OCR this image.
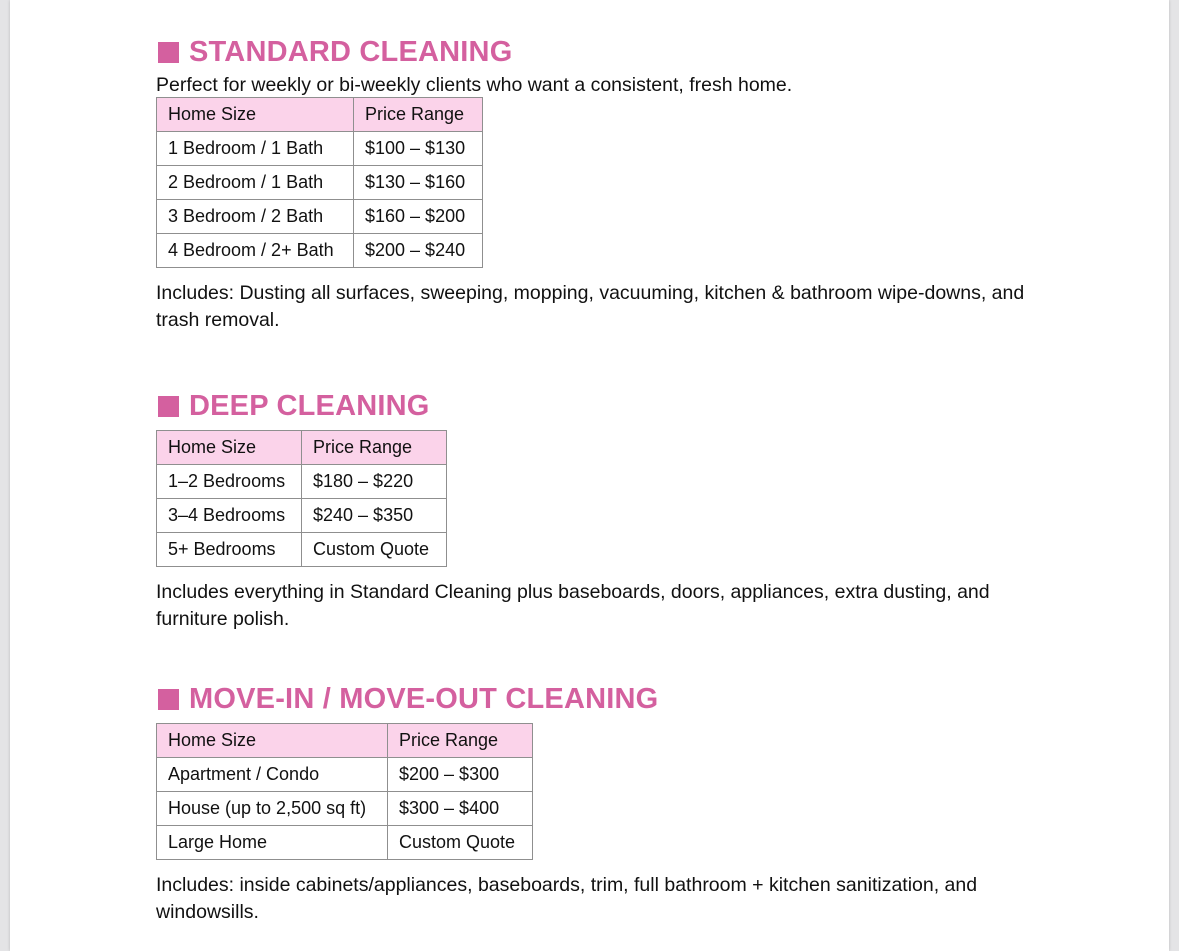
STANDARD CLEANING
Perfect for weekly or bi-weekly clients who want a consistent, fresh home.
Home Size	Price Range
1 Bedroom / 1 Bath	$100 – $130
2 Bedroom / 1 Bath	$130 – $160
3 Bedroom / 2 Bath	$160 – $200
4 Bedroom / 2+ Bath	$200 – $240
Includes: Dusting all surfaces, sweeping, mopping, vacuuming, kitchen & bathroom wipe-downs, and trash removal.
DEEP CLEANING
Home Size	Price Range
1–2 Bedrooms	$180 – $220
3–4 Bedrooms	$240 – $350
5+ Bedrooms	Custom Quote
Includes everything in Standard Cleaning plus baseboards, doors, appliances, extra dusting, and furniture polish.
MOVE-IN / MOVE-OUT CLEANING
Home Size	Price Range
Apartment / Condo	$200 – $300
House (up to 2,500 sq ft)	$300 – $400
Large Home	Custom Quote
Includes: inside cabinets/appliances, baseboards, trim, full bathroom + kitchen sanitization, and windowsills.
